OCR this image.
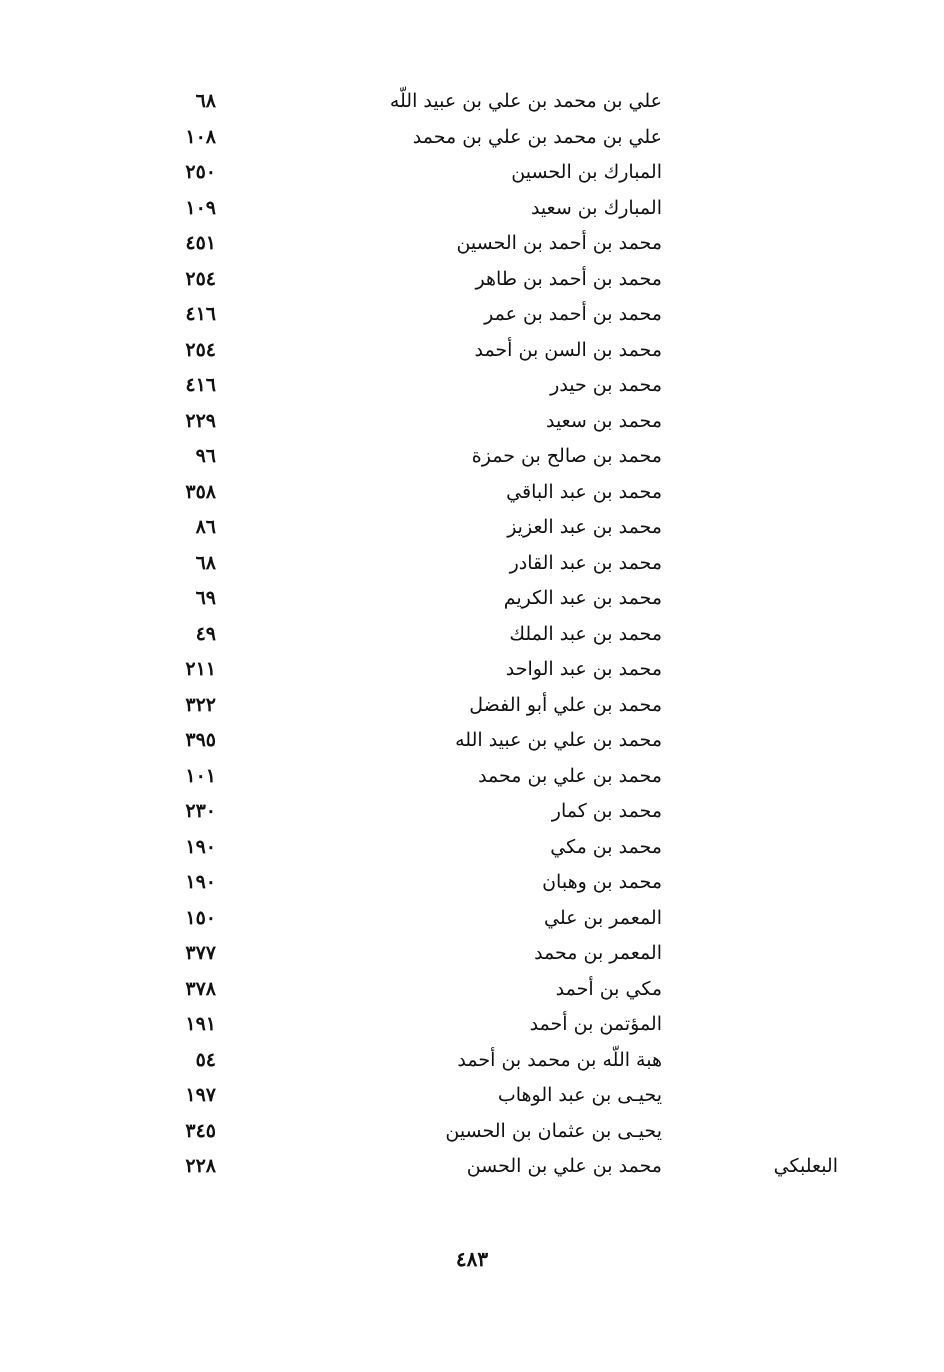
علي بن محمد بن علي بن عبيد اللّه
٦٨
علي بن محمد بن علي بن محمد
١٠٨
المبارك بن الحسين
٢٥٠
المبارك بن سعيد
١٠٩
محمد بن أحمد بن الحسين
٤٥١
محمد بن أحمد بن طاهر
٢٥٤
محمد بن أحمد بن عمر
٤١٦
محمد بن السن بن أحمد
٢٥٤
محمد بن حيدر
٤١٦
محمد بن سعيد
٢٢٩
محمد بن صالح بن حمزة
٩٦
محمد بن عبد الباقي
٣٥٨
محمد بن عبد العزيز
٨٦
محمد بن عبد القادر
٦٨
محمد بن عبد الكريم
٦٩
محمد بن عبد الملك
٤٩
محمد بن عبد الواحد
٢١١
محمد بن علي أبو الفضل
٣٢٢
محمد بن علي بن عبيد الله
٣٩٥
محمد بن علي بن محمد
١٠١
محمد بن كمار
٢٣٠
محمد بن مكي
١٩٠
محمد بن وهبان
١٩٠
المعمر بن علي
١٥٠
المعمر بن محمد
٣٧٧
مكي بن أحمد
٣٧٨
المؤتمن بن أحمد
١٩١
هبة اللّه بن محمد بن أحمد
٥٤
يحيـى بن عبد الوهاب
١٩٧
يحيـى بن عثمان بن الحسين
٣٤٥
البعلبكي
محمد بن علي بن الحسن
٢٢٨
٤٨٣
